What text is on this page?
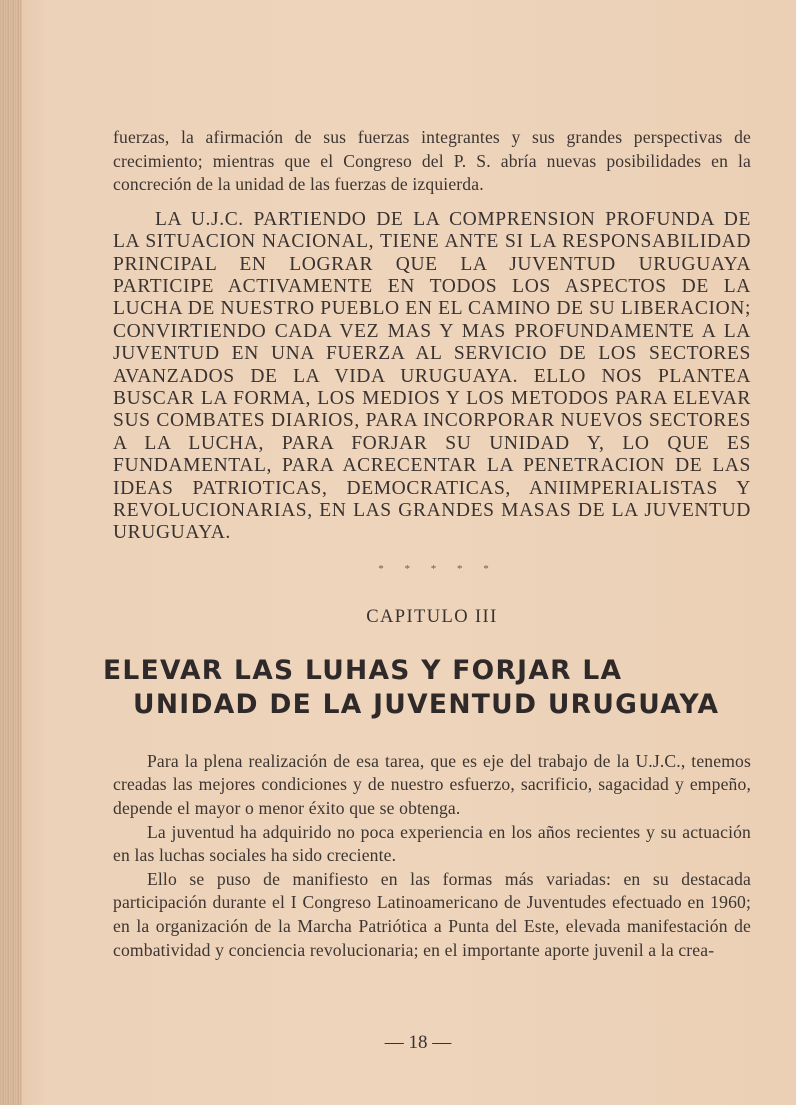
fuerzas, la afirmación de sus fuerzas integrantes y sus grandes perspectivas de crecimiento; mientras que el Congreso del P. S. abría nuevas posibilidades en la concreción de la unidad de las fuerzas de izquierda.

LA U.J.C. PARTIENDO DE LA COMPRENSION PROFUNDA DE LA SITUACION NACIONAL, TIENE ANTE SI LA RESPONSABILIDAD PRINCIPAL EN LOGRAR QUE LA JUVENTUD URUGUAYA PARTICIPE ACTIVAMENTE EN TODOS LOS ASPECTOS DE LA LUCHA DE NUESTRO PUEBLO EN EL CAMINO DE SU LIBERACION; CONVIRTIENDO CADA VEZ MAS Y MAS PROFUNDAMENTE A LA JUVENTUD EN UNA FUERZA AL SERVICIO DE LOS SECTORES AVANZADOS DE LA VIDA URUGUAYA. ELLO NOS PLANTEA BUSCAR LA FORMA, LOS MEDIOS Y LOS METODOS PARA ELEVAR SUS COMBATES DIARIOS, PARA INCORPORAR NUEVOS SECTORES A LA LUCHA, PARA FORJAR SU UNIDAD Y, LO QUE ES FUNDAMENTAL, PARA ACRECENTAR LA PENETRACION DE LAS IDEAS PATRIOTICAS, DEMOCRATICAS, ANIIMPERIALISTAS Y REVOLUCIONARIAS, EN LAS GRANDES MASAS DE LA JUVENTUD URUGUAYA.

* * * * *
CAPITULO III
ELEVAR LAS LUHAS Y FORJAR LA
UNIDAD DE LA JUVENTUD URUGUAYA

Para la plena realización de esa tarea, que es eje del trabajo de la U.J.C., tenemos creadas las mejores condiciones y de nuestro esfuerzo, sacrificio, sagacidad y empeño, depende el mayor o menor éxito que se obtenga.

La juventud ha adquirido no poca experiencia en los años recientes y su actuación en las luchas sociales ha sido creciente.

Ello se puso de manifiesto en las formas más variadas: en su destacada participación durante el I Congreso Latinoamericano de Juventudes efectuado en 1960; en la organización de la Marcha Patriótica a Punta del Este, elevada manifestación de combatividad y conciencia revolucionaria; en el importante aporte juvenil a la crea-

— 18 —
